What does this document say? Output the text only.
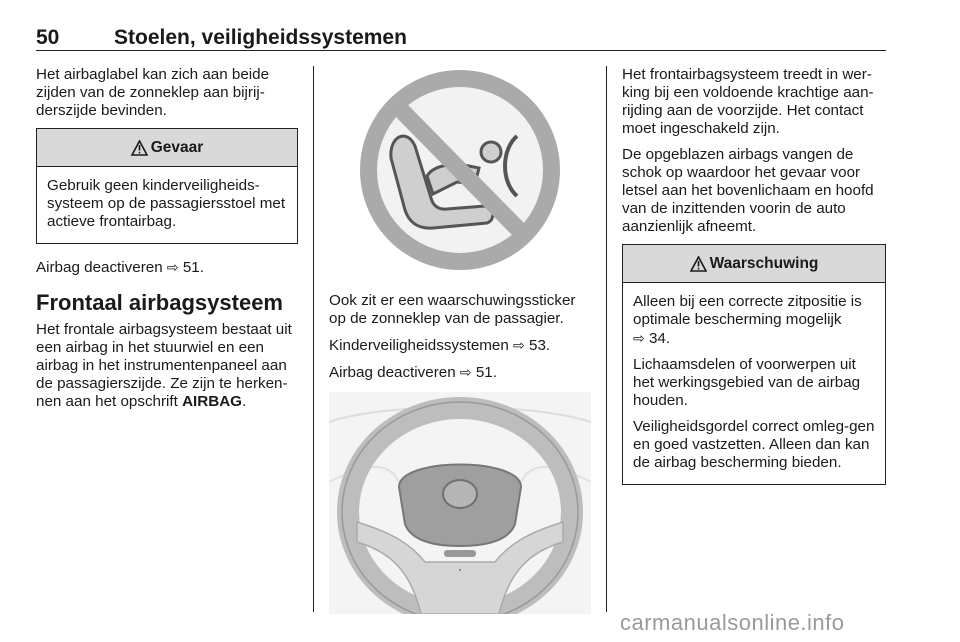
50	Stoelen, veiligheidssystemen

Het airbaglabel kan zich aan beide zijden van de zonneklep aan bijrij-derszijde bevinden.

Gevaar

Gebruik geen kinderveiligheids-systeem op de passagiersstoel met actieve frontairbag.

Airbag deactiveren ⇨ 51.

Frontaal airbagsysteem

Het frontale airbagsysteem bestaat uit een airbag in het stuurwiel en een airbag in het instrumentenpaneel aan de passagierszijde. Ze zijn te herken-nen aan het opschrift AIRBAG.

Ook zit er een waarschuwingssticker op de zonneklep van de passagier.

Kinderveiligheidssystemen ⇨ 53.

Airbag deactiveren ⇨ 51.

▪

Het frontairbagsysteem treedt in wer-king bij een voldoende krachtige aan-rijding aan de voorzijde. Het contact moet ingeschakeld zijn.

De opgeblazen airbags vangen de schok op waardoor het gevaar voor letsel aan het bovenlichaam en hoofd van de inzittenden voorin de auto aanzienlijk afneemt.

Waarschuwing

Alleen bij een correcte zitpositie is optimale bescherming mogelijk
⇨ 34.

Lichaamsdelen of voorwerpen uit het werkingsgebied van de airbag houden.

Veiligheidsgordel correct omleg-gen en goed vastzetten. Alleen dan kan de airbag bescherming bieden.

carmanualsonline.info
